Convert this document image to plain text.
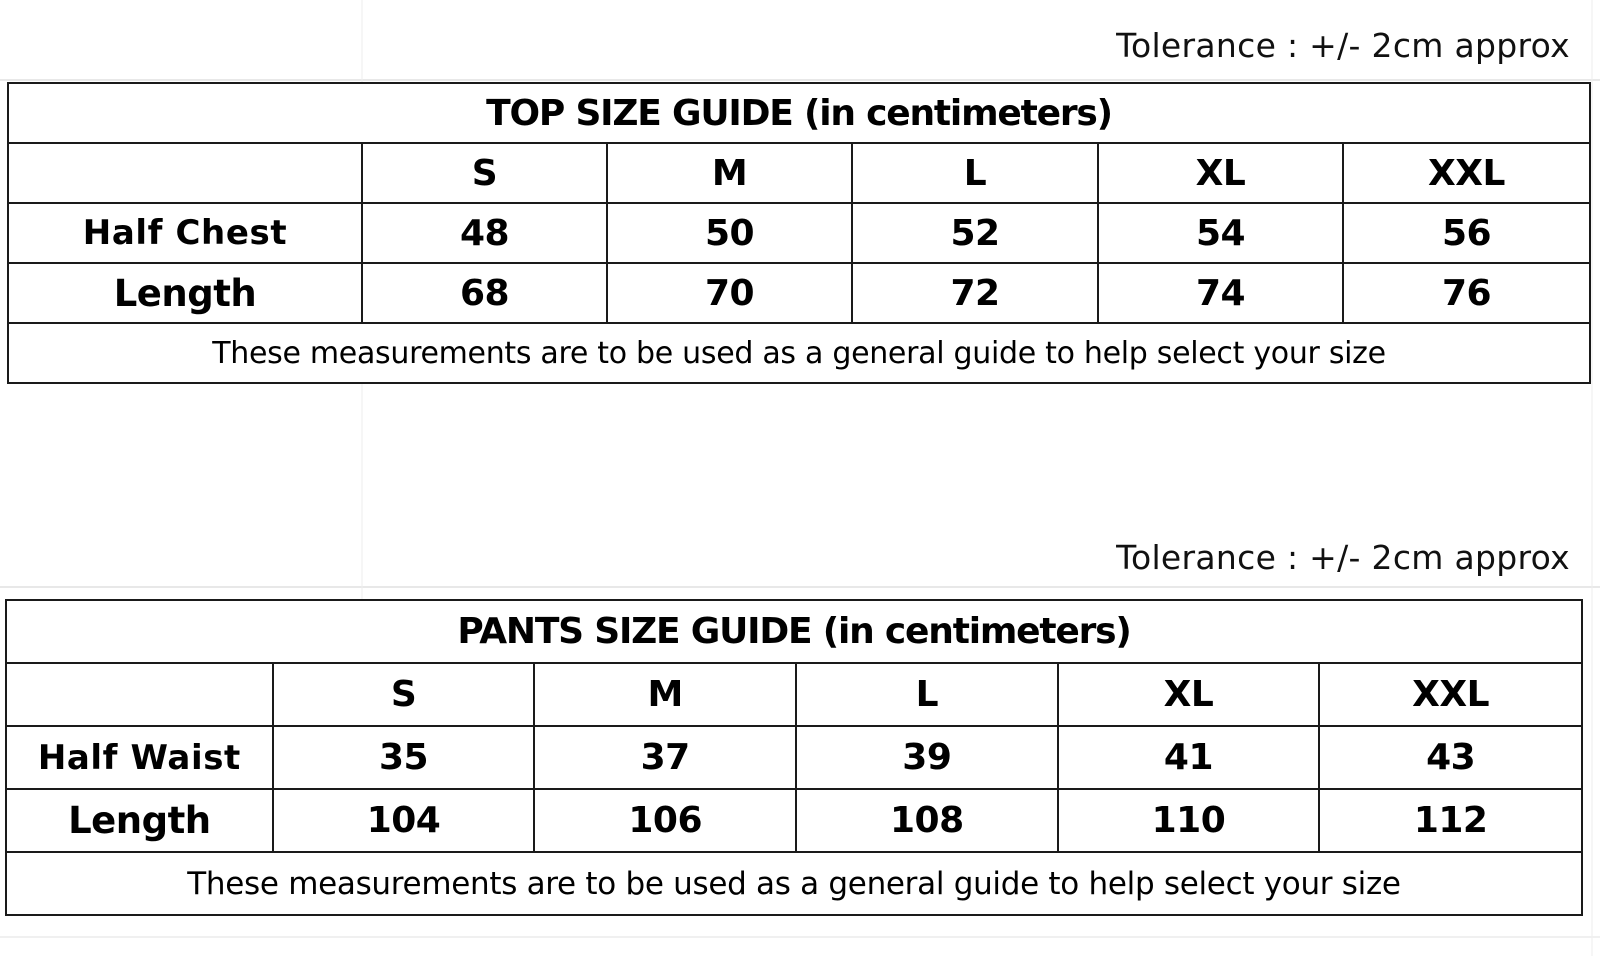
Tolerance : +/- 2cm approx
TOP SIZE GUIDE (in centimeters)					
	S	M	L	XL	XXL
Half Chest	48	50	52	54	56
Length	68	70	72	74	76
These measurements are to be used as a general guide to help select your size					
Tolerance : +/- 2cm approx
PANTS SIZE GUIDE (in centimeters)					
	S	M	L	XL	XXL
Half Waist	35	37	39	41	43
Length	104	106	108	110	112
These measurements are to be used as a general guide to help select your size					
